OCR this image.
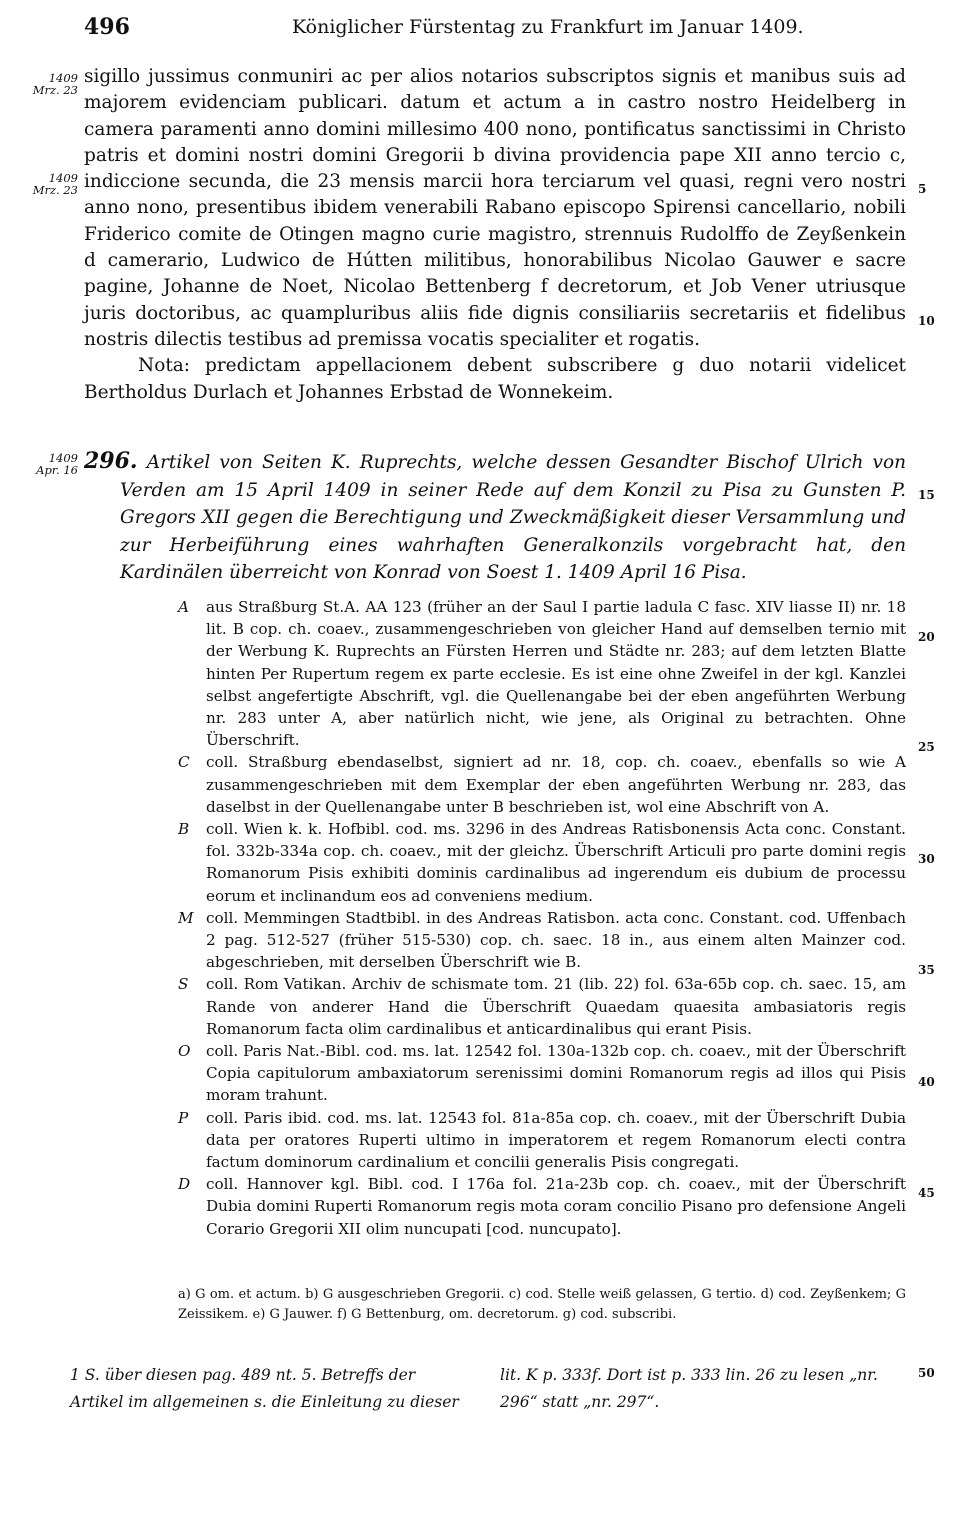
496	Königlicher Fürstentag zu Frankfurt im Januar 1409.
1409
Mrz. 23
1409
Mrz. 23
1409
Apr. 16
5
10
15
20
25
30
35
40
45
50

sigillo jussimus conmuniri ac per alios notarios subscriptos signis et manibus suis ad majorem evidenciam publicari. datum et actum a in castro nostro Heidelberg in camera paramenti anno domini millesimo 400 nono, pontificatus sanctissimi in Christo patris et domini nostri domini Gregorii b divina providencia pape XII anno tercio c, indiccione secunda, die 23 mensis marcii hora terciarum vel quasi, regni vero nostri anno nono, presentibus ibidem venerabili Rabano episcopo Spirensi cancellario, nobili Friderico comite de Otingen magno curie magistro, strennuis Rudolffo de Zeyßenkein d camerario, Ludwico de Hútten militibus, honorabilibus Nicolao Gauwer e sacre pagine, Johanne de Noet, Nicolao Bettenberg f decretorum, et Job Vener utriusque juris doctoribus, ac quampluribus aliis fide dignis consiliariis secretariis et fidelibus nostris dilectis testibus ad premissa vocatis specialiter et rogatis.

Nota: predictam appellacionem debent subscribere g duo notarii videlicet Bertholdus Durlach et Johannes Erbstad de Wonnekeim.

296. Artikel von Seiten K. Ruprechts, welche dessen Gesandter Bischof Ulrich von Verden am 15 April 1409 in seiner Rede auf dem Konzil zu Pisa zu Gunsten P. Gregors XII gegen die Berechtigung und Zweckmäßigkeit dieser Versammlung und zur Herbeiführung eines wahrhaften Generalkonzils vorgebracht hat, den Kardinälen überreicht von Konrad von Soest 1. 1409 April 16 Pisa.

A aus Straßburg St.A. AA 123 (früher an der Saul I partie ladula C fasc. XIV liasse II) nr. 18 lit. B cop. ch. coaev., zusammengeschrieben von gleicher Hand auf demselben ternio mit der Werbung K. Ruprechts an Fürsten Herren und Städte nr. 283; auf dem letzten Blatte hinten Per Rupertum regem ex parte ecclesie. Es ist eine ohne Zweifel in der kgl. Kanzlei selbst angefertigte Abschrift, vgl. die Quellenangabe bei der eben angeführten Werbung nr. 283 unter A, aber natürlich nicht, wie jene, als Original zu betrachten. Ohne Überschrift.

C coll. Straßburg ebendaselbst, signiert ad nr. 18, cop. ch. coaev., ebenfalls so wie A zusammengeschrieben mit dem Exemplar der eben angeführten Werbung nr. 283, das daselbst in der Quellenangabe unter B beschrieben ist, wol eine Abschrift von A.

B coll. Wien k. k. Hofbibl. cod. ms. 3296 in des Andreas Ratisbonensis Acta conc. Constant. fol. 332b-334a cop. ch. coaev., mit der gleichz. Überschrift Articuli pro parte domini regis Romanorum Pisis exhibiti dominis cardinalibus ad ingerendum eis dubium de processu eorum et inclinandum eos ad conveniens medium.

M coll. Memmingen Stadtbibl. in des Andreas Ratisbon. acta conc. Constant. cod. Uffenbach 2 pag. 512-527 (früher 515-530) cop. ch. saec. 18 in., aus einem alten Mainzer cod. abgeschrieben, mit derselben Überschrift wie B.

S coll. Rom Vatikan. Archiv de schismate tom. 21 (lib. 22) fol. 63a-65b cop. ch. saec. 15, am Rande von anderer Hand die Überschrift Quaedam quaesita ambasiatoris regis Romanorum facta olim cardinalibus et anticardinalibus qui erant Pisis.

O coll. Paris Nat.-Bibl. cod. ms. lat. 12542 fol. 130a-132b cop. ch. coaev., mit der Überschrift Copia capitulorum ambaxiatorum serenissimi domini Romanorum regis ad illos qui Pisis moram trahunt.

P coll. Paris ibid. cod. ms. lat. 12543 fol. 81a-85a cop. ch. coaev., mit der Überschrift Dubia data per oratores Ruperti ultimo in imperatorem et regem Romanorum electi contra factum dominorum cardinalium et concilii generalis Pisis congregati.

D coll. Hannover kgl. Bibl. cod. I 176a fol. 21a-23b cop. ch. coaev., mit der Überschrift Dubia domini Ruperti Romanorum regis mota coram concilio Pisano pro defensione Angeli Corario Gregorii XII olim nuncupati [cod. nuncupato].

a) G om. et actum. b) G ausgeschrieben Gregorii. c) cod. Stelle weiß gelassen, G tertio. d) cod. Zeyßenkem; G Zeissikem. e) G Jauwer. f) G Bettenburg, om. decretorum. g) cod. subscribi.
1 S. über diesen pag. 489 nt. 5. Betreffs der Artikel im allgemeinen s. die Einleitung zu dieser
lit. K p. 333f. Dort ist p. 333 lin. 26 zu lesen „nr. 296“ statt „nr. 297“.
